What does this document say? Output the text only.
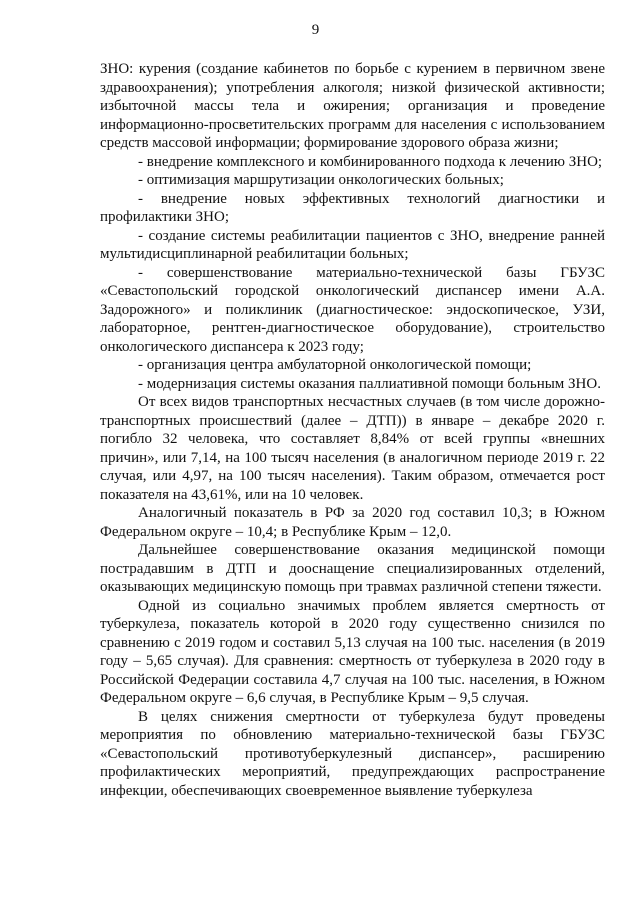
9

ЗНО: курения (создание кабинетов по борьбе с курением в первичном звене здравоохранения); употребления алкоголя; низкой физической активности; избыточной массы тела и ожирения; организация и проведение информационно-просветительских программ для населения с использованием средств массовой информации; формирование здорового образа жизни;

- внедрение комплексного и комбинированного подхода к лечению ЗНО;

- оптимизация маршрутизации онкологических больных;

- внедрение новых эффективных технологий диагностики и профилактики ЗНО;

- создание системы реабилитации пациентов с ЗНО, внедрение ранней мультидисциплинарной реабилитации больных;

- совершенствование материально-технической базы ГБУЗС «Севастопольский городской онкологический диспансер имени А.А. Задорожного» и поликлиник (диагностическое: эндоскопическое, УЗИ, лабораторное, рентген-диагностическое оборудование), строительство онкологического диспансера к 2023 году;

- организация центра амбулаторной онкологической помощи;

- модернизация системы оказания паллиативной помощи больным ЗНО.

От всех видов транспортных несчастных случаев (в том числе дорожно-транспортных происшествий (далее – ДТП)) в январе – декабре 2020 г. погибло 32 человека, что составляет 8,84% от всей группы «внешних причин», или 7,14, на 100 тысяч населения (в аналогичном периоде 2019 г. 22 случая, или 4,97, на 100 тысяч населения). Таким образом, отмечается рост показателя на 43,61%, или на 10 человек.

Аналогичный показатель в РФ за 2020 год составил 10,3; в Южном Федеральном округе – 10,4; в Республике Крым – 12,0.

Дальнейшее совершенствование оказания медицинской помощи пострадавшим в ДТП и дооснащение специализированных отделений, оказывающих медицинскую помощь при травмах различной степени тяжести.

Одной из социально значимых проблем является смертность от туберкулеза, показатель которой в 2020 году существенно снизился по сравнению с 2019 годом и составил 5,13 случая на 100 тыс. населения (в 2019 году – 5,65 случая). Для сравнения: смертность от туберкулеза в 2020 году в Российской Федерации составила 4,7 случая на 100 тыс. населения, в Южном Федеральном округе – 6,6 случая, в Республике Крым – 9,5 случая.

В целях снижения смертности от туберкулеза будут проведены мероприятия по обновлению материально-технической базы ГБУЗС «Севастопольский противотуберкулезный диспансер», расширению профилактических мероприятий, предупреждающих распространение инфекции, обеспечивающих своевременное выявление туберкулеза
